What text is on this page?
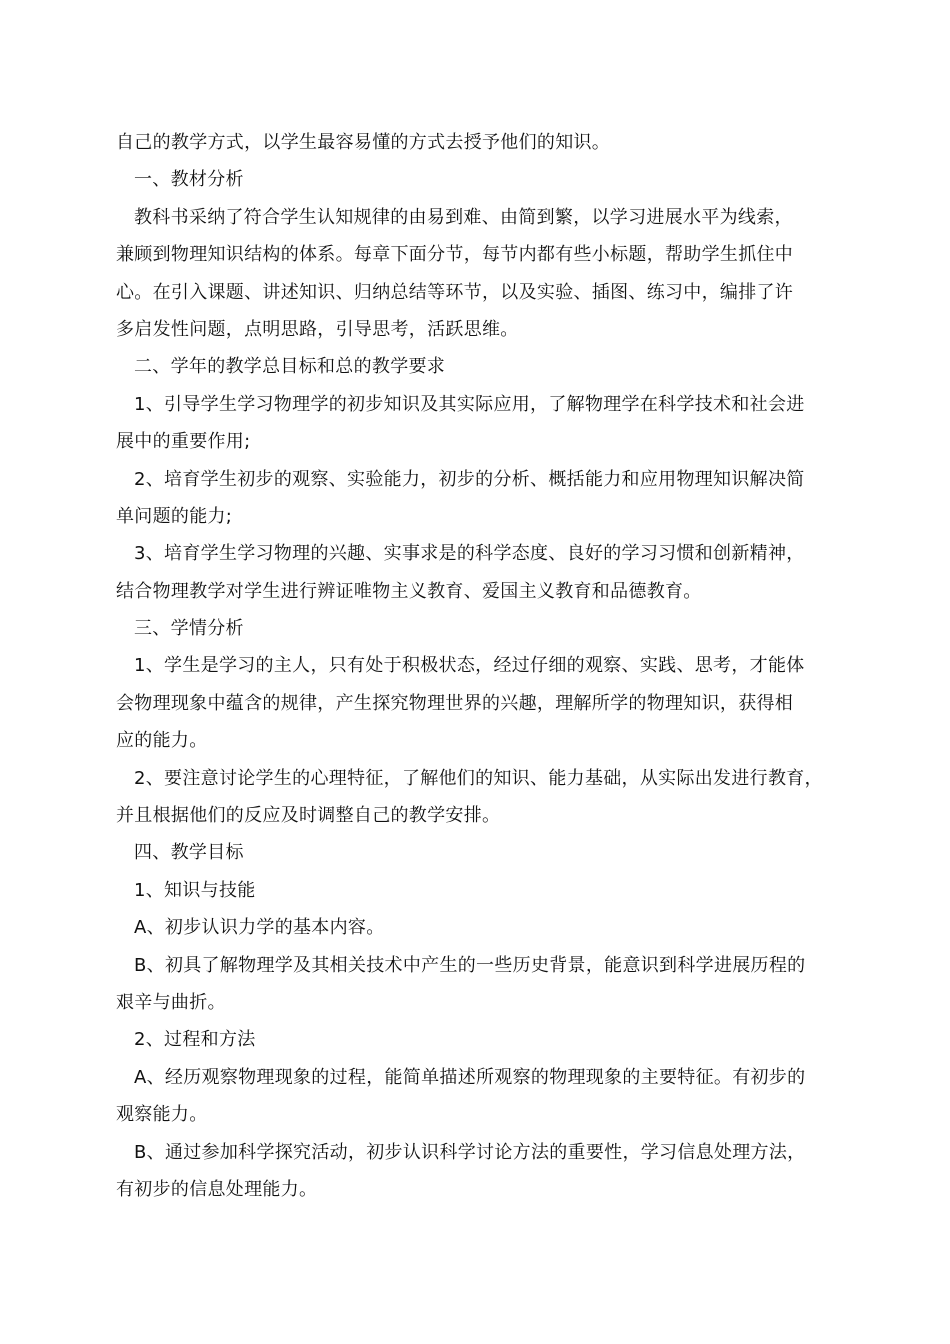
自己的教学方式，以学生最容易懂的方式去授予他们的知识。
一、教材分析
教科书采纳了符合学生认知规律的由易到难、由简到繁，以学习进展水平为线索，
兼顾到物理知识结构的体系。每章下面分节，每节内都有些小标题，帮助学生抓住中
心。在引入课题、讲述知识、归纳总结等环节，以及实验、插图、练习中，编排了许
多启发性问题，点明思路，引导思考，活跃思维。
二、学年的教学总目标和总的教学要求
1、引导学生学习物理学的初步知识及其实际应用，了解物理学在科学技术和社会进
展中的重要作用;
2、培育学生初步的观察、实验能力，初步的分析、概括能力和应用物理知识解决简
单问题的能力;
3、培育学生学习物理的兴趣、实事求是的科学态度、良好的学习习惯和创新精神，
结合物理教学对学生进行辨证唯物主义教育、爱国主义教育和品德教育。
三、学情分析
1、学生是学习的主人，只有处于积极状态，经过仔细的观察、实践、思考，才能体
会物理现象中蕴含的规律，产生探究物理世界的兴趣，理解所学的物理知识，获得相
应的能力。
2、要注意讨论学生的心理特征，了解他们的知识、能力基础，从实际出发进行教育，
并且根据他们的反应及时调整自己的教学安排。
四、教学目标
1、知识与技能
A、初步认识力学的基本内容。
B、初具了解物理学及其相关技术中产生的一些历史背景，能意识到科学进展历程的
艰辛与曲折。
2、过程和方法
A、经历观察物理现象的过程，能简单描述所观察的物理现象的主要特征。有初步的
观察能力。
B、通过参加科学探究活动，初步认识科学讨论方法的重要性，学习信息处理方法，
有初步的信息处理能力。
